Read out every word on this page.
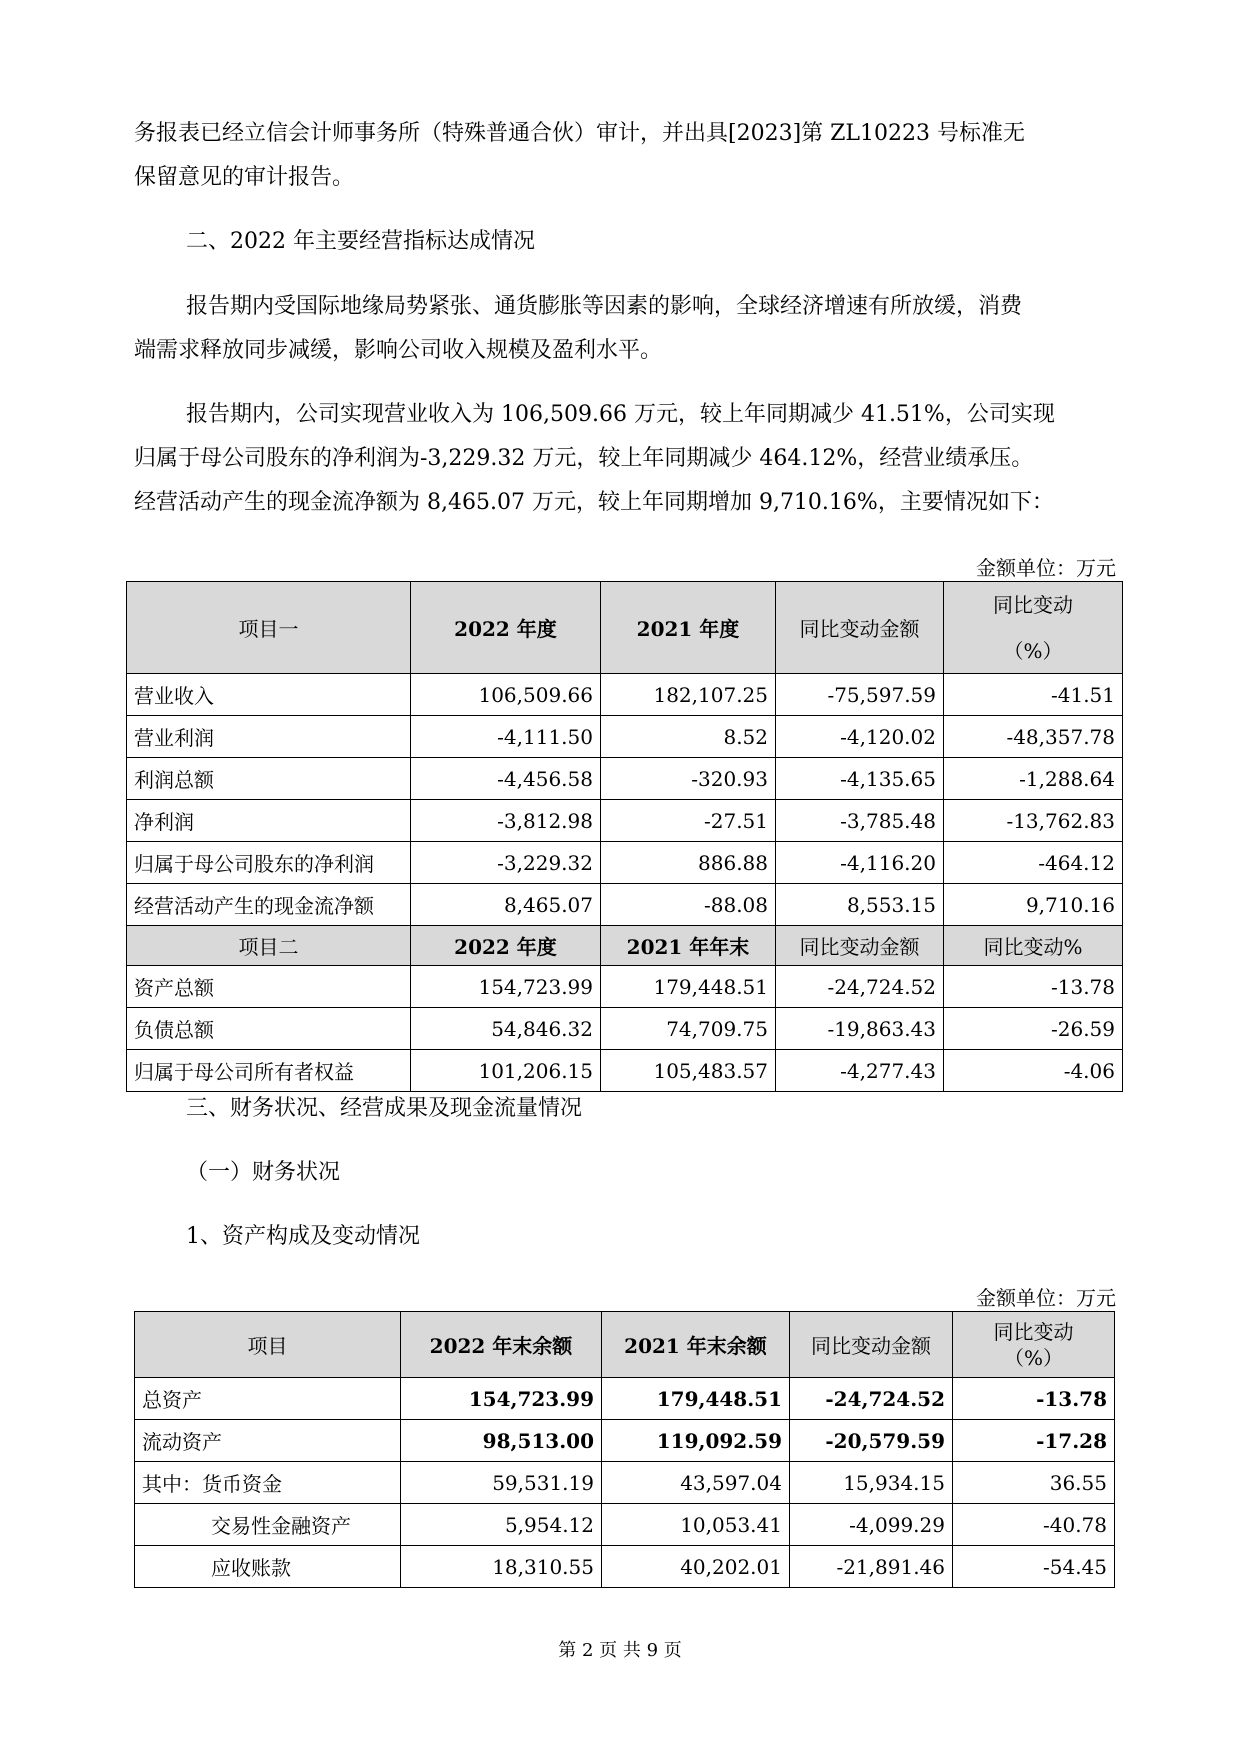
务报表已经立信会计师事务所（特殊普通合伙）审计，并出具[2023]第 ZL10223 号标准无
保留意见的审计报告。
二、2022 年主要经营指标达成情况
报告期内受国际地缘局势紧张、通货膨胀等因素的影响，全球经济增速有所放缓，消费
端需求释放同步减缓，影响公司收入规模及盈利水平。
报告期内，公司实现营业收入为 106,509.66 万元，较上年同期减少 41.51%，公司实现
归属于母公司股东的净利润为-3,229.32 万元，较上年同期减少 464.12%，经营业绩承压。
经营活动产生的现金流净额为 8,465.07 万元，较上年同期增加 9,710.16%，主要情况如下：
金额单位：万元
项目一	2022 年度	2021 年度	同比变动金额	同比变动
（%）

营业收入	106,509.66	182,107.25	-75,597.59	-41.51
营业利润	-4,111.50	8.52	-4,120.02	-48,357.78
利润总额	-4,456.58	-320.93	-4,135.65	-1,288.64
净利润	-3,812.98	-27.51	-3,785.48	-13,762.83
归属于母公司股东的净利润	-3,229.32	886.88	-4,116.20	-464.12
经营活动产生的现金流净额	8,465.07	-88.08	8,553.15	9,710.16
项目二	2022 年度	2021 年年末	同比变动金额	同比变动%
资产总额	154,723.99	179,448.51	-24,724.52	-13.78
负债总额	54,846.32	74,709.75	-19,863.43	-26.59
归属于母公司所有者权益	101,206.15	105,483.57	-4,277.43	-4.06
三、财务状况、经营成果及现金流量情况
（一）财务状况
1、资产构成及变动情况
金额单位：万元
项目	2022 年末余额	2021 年末余额	同比变动金额	同比变动
（%）

总资产	154,723.99	179,448.51	-24,724.52	-13.78
流动资产	98,513.00	119,092.59	-20,579.59	-17.28
其中：货币资金	59,531.19	43,597.04	15,934.15	36.55
交易性金融资产	5,954.12	10,053.41	-4,099.29	-40.78
应收账款	18,310.55	40,202.01	-21,891.46	-54.45
第 2 页 共 9 页
